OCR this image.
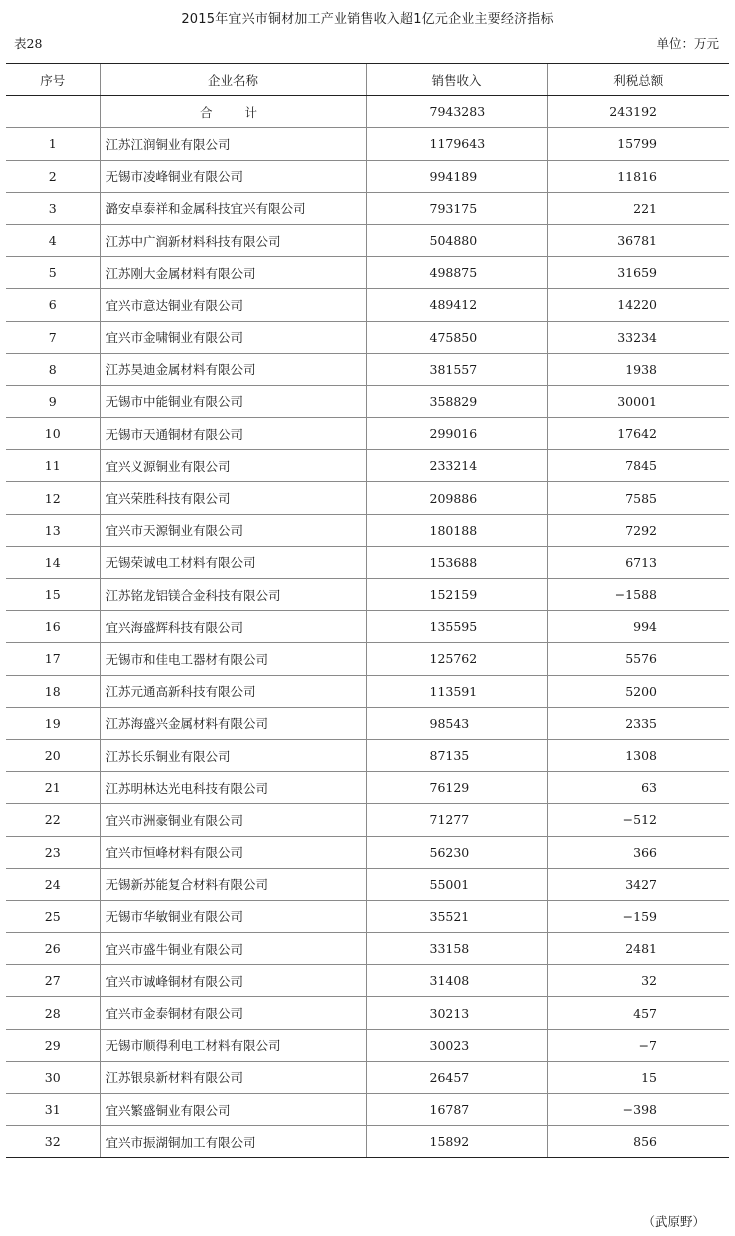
2015年宜兴市铜材加工产业销售收入超1亿元企业主要经济指标
表28	单位：万元
序号	企业名称	销售收入	利税总额
	合 计	7943283	243192
1	江苏江润铜业有限公司	1179643	15799
2	无锡市凌峰铜业有限公司	994189	11816
3	潞安卓泰祥和金属科技宜兴有限公司	793175	221
4	江苏中广润新材料科技有限公司	504880	36781
5	江苏刚大金属材料有限公司	498875	31659
6	宜兴市意达铜业有限公司	489412	14220
7	宜兴市金啸铜业有限公司	475850	33234
8	江苏昊迪金属材料有限公司	381557	1938
9	无锡市中能铜业有限公司	358829	30001
10	无锡市天通铜材有限公司	299016	17642
11	宜兴义源铜业有限公司	233214	7845
12	宜兴荣胜科技有限公司	209886	7585
13	宜兴市天源铜业有限公司	180188	7292
14	无锡荣诚电工材料有限公司	153688	6713
15	江苏铭龙铝镁合金科技有限公司	152159	−1588
16	宜兴海盛辉科技有限公司	135595	994
17	无锡市和佳电工器材有限公司	125762	5576
18	江苏元通高新科技有限公司	113591	5200
19	江苏海盛兴金属材料有限公司	98543	2335
20	江苏长乐铜业有限公司	87135	1308
21	江苏明林达光电科技有限公司	76129	63
22	宜兴市洲豪铜业有限公司	71277	−512
23	宜兴市恒峰材料有限公司	56230	366
24	无锡新苏能复合材料有限公司	55001	3427
25	无锡市华敏铜业有限公司	35521	−159
26	宜兴市盛牛铜业有限公司	33158	2481
27	宜兴市诚峰铜材有限公司	31408	32
28	宜兴市金泰铜材有限公司	30213	457
29	无锡市顺得利电工材料有限公司	30023	−7
30	江苏银泉新材料有限公司	26457	15
31	宜兴繁盛铜业有限公司	16787	−398
32	宜兴市振湖铜加工有限公司	15892	856
（武原野）
